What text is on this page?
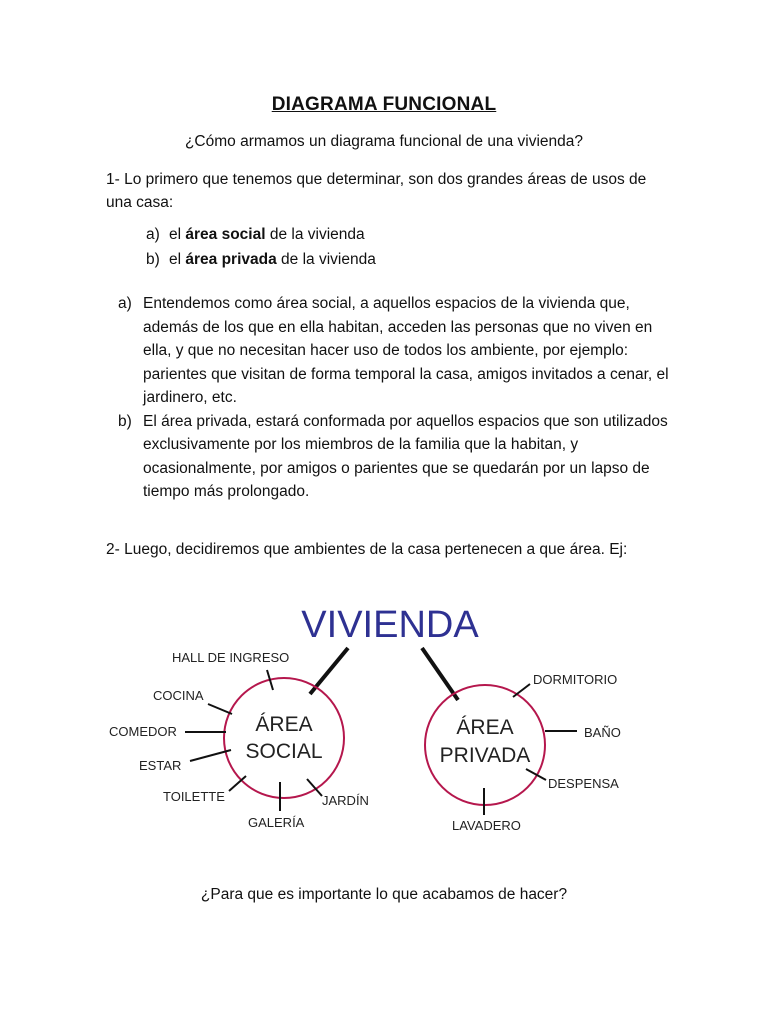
DIAGRAMA FUNCIONAL
¿Cómo armamos un diagrama funcional de una vivienda?
1- Lo primero que tenemos que determinar, son dos grandes áreas de usos de una casa:
a) el área social de la vivienda
b) el área privada de la vivienda
a) Entendemos como área social, a aquellos espacios de la vivienda que, además de los que en ella habitan, acceden las personas que no viven en ella, y que no necesitan hacer uso de todos los ambiente, por ejemplo: parientes que visitan de forma temporal la casa, amigos invitados a cenar, el jardinero, etc.
b) El área privada, estará conformada por aquellos espacios que son utilizados exclusivamente por los miembros de la familia que la habitan, y ocasionalmente, por amigos o parientes que se quedarán por un lapso de tiempo más prolongado.
2- Luego, decidiremos que ambientes de la casa pertenecen a que área. Ej:
VIVIENDA
ÁREA
SOCIAL
HALL DE INGRESO
COCINA
COMEDOR
ESTAR
TOILETTE
GALERÍA
JARDÍN
ÁREA
PRIVADA
DORMITORIO
BAÑO
DESPENSA
LAVADERO
¿Para que es importante lo que acabamos de hacer?
